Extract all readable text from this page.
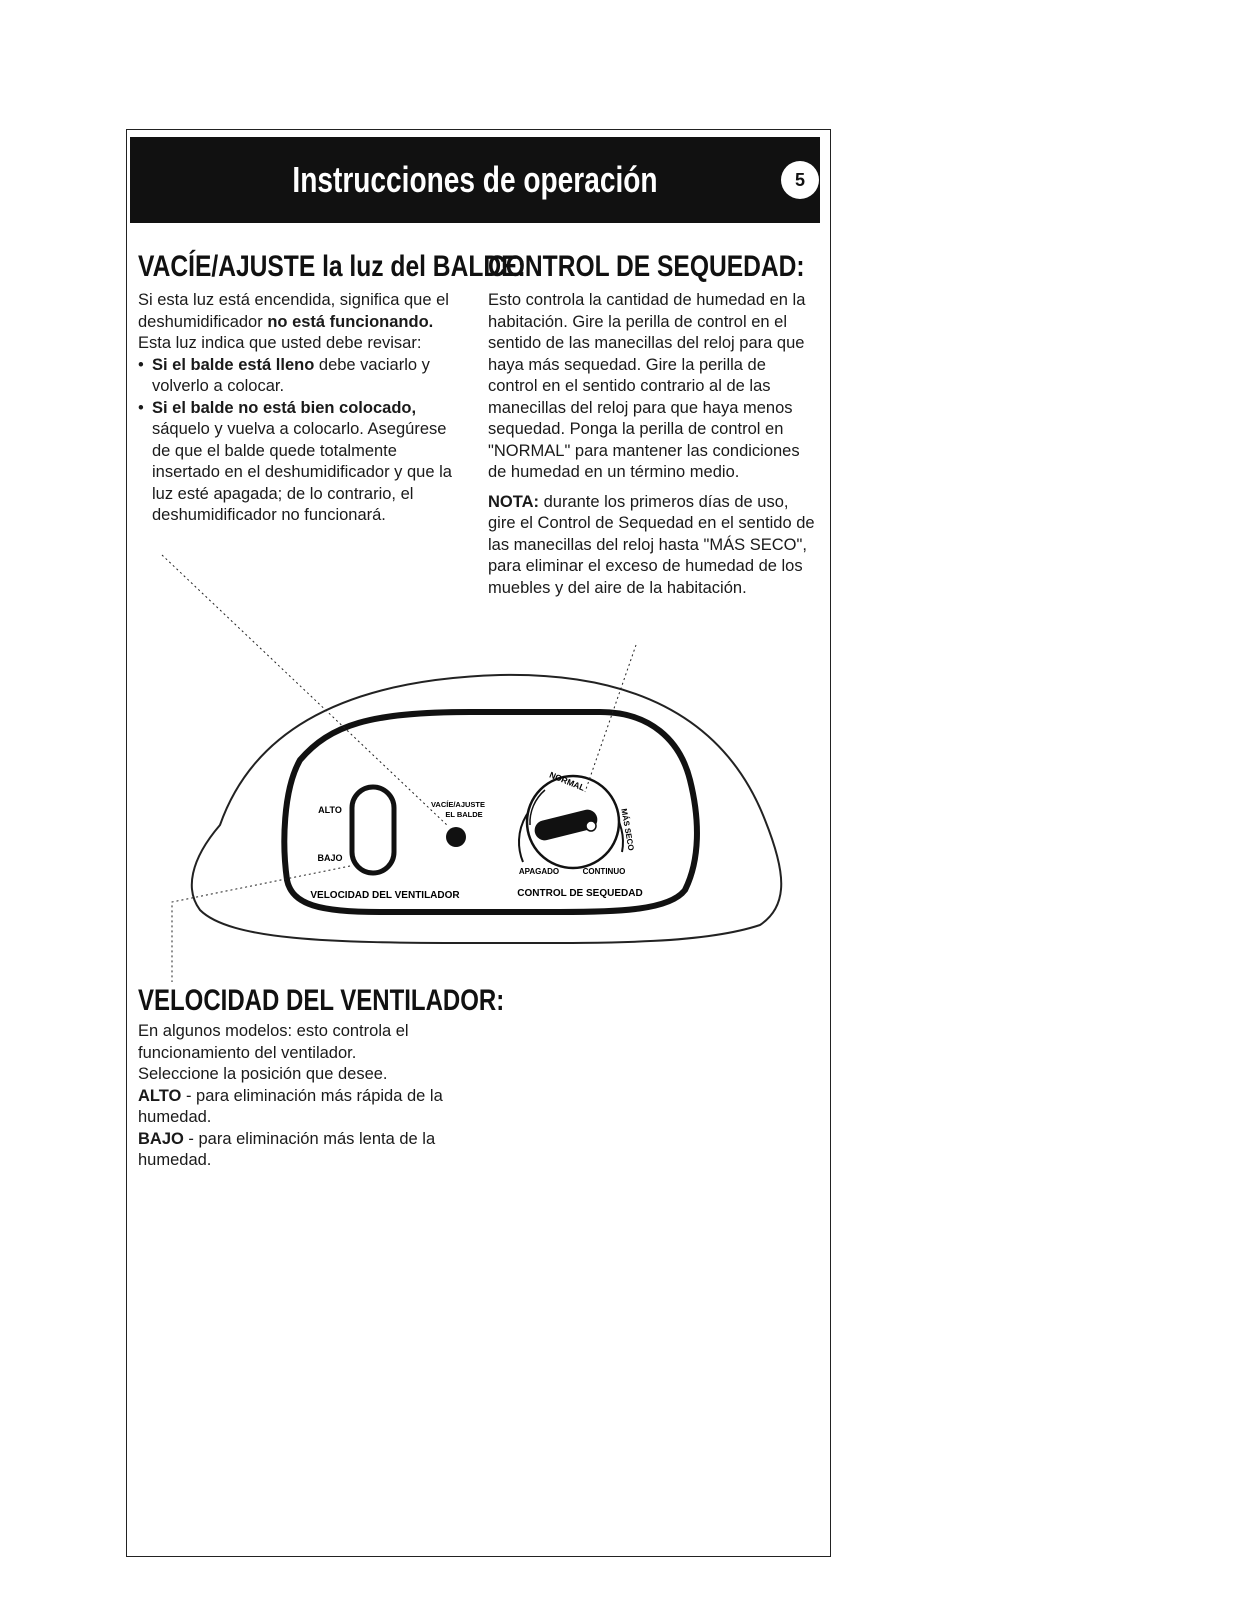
Instrucciones de operación	5
VACÍE/AJUSTE la luz del BALDE:

Si esta luz está encendida, significa que el deshumidificador no está funcionando. Esta luz indica que usted debe revisar:

• Si el balde está lleno debe vaciarlo y volverlo a colocar.

• Si el balde no está bien colocado, sáquelo y vuelva a colocarlo. Asegúrese de que el balde quede totalmente insertado en el deshumidificador y que la luz esté apagada; de lo contrario, el deshumidificador no funcionará.

CONTROL DE SEQUEDAD:

Esto controla la cantidad de humedad en la habitación. Gire la perilla de control en el sentido de las manecillas del reloj para que haya más sequedad. Gire la perilla de control en el sentido contrario al de las manecillas del reloj para que haya menos sequedad. Ponga la perilla de control en "NORMAL" para mantener las condiciones de humedad en un término medio.

NOTA: durante los primeros días de uso, gire el Control de Sequedad en el sentido de las manecillas del reloj hasta "MÁS SECO", para eliminar el exceso de humedad de los muebles y del aire de la habitación.

ALTO
BAJO
VELOCIDAD DEL VENTILADOR
VACÍE/AJUSTE
EL BALDE
NORMAL
MÁS SECO
APAGADO	CONTINUO
CONTROL DE SEQUEDAD
VELOCIDAD DEL VENTILADOR:

En algunos modelos: esto controla el funcionamiento del ventilador.

Seleccione la posición que desee.

ALTO - para eliminación más rápida de la humedad.

BAJO - para eliminación más lenta de la humedad.
